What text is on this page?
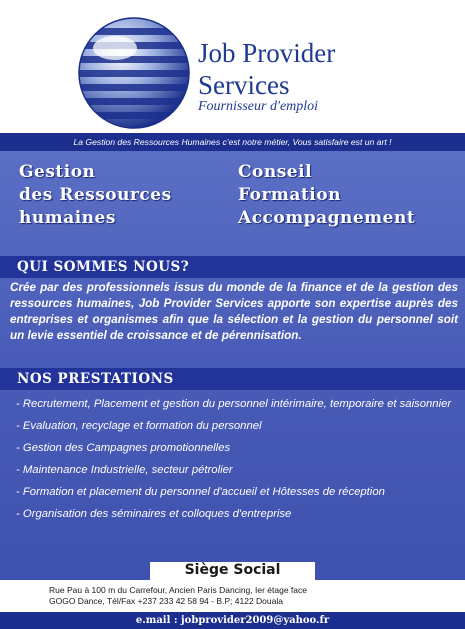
Job Provider
Services
Fournisseur d'emploi
La Gestion des Ressources Humaines c'est notre métier, Vous satisfaire est un art !
Gestion
des Ressources
humaines
Conseil
Formation
Accompagnement
QUI SOMMES NOUS?
Crée par des professionnels issus du monde de la finance et de la gestion des ressources humaines, Job Provider Services apporte son expertise auprès des entreprises et organismes afin que la sélection et la gestion du personnel soit un levie essentiel de croissance et de pérennisation.
NOS PRESTATIONS
- Recrutement, Placement et gestion du personnel intérimaire, temporaire et saisonnier
- Evaluation, recyclage et formation du personnel
- Gestion des Campagnes promotionnelles
- Maintenance Industrielle, secteur pétrolier
- Formation et placement du personnel d'accueil et Hôtesses de réception
- Organisation des séminaires et colloques d'entreprise
Siège Social
Rue Pau à 100 m du Carrefour, Ancien Paris Dancing, Ier étage face
GOGO Dance, Tél/Fax +237 233 42 58 94 - B.P; 4122 Douala
e.mail : jobprovider2009@yahoo.fr
